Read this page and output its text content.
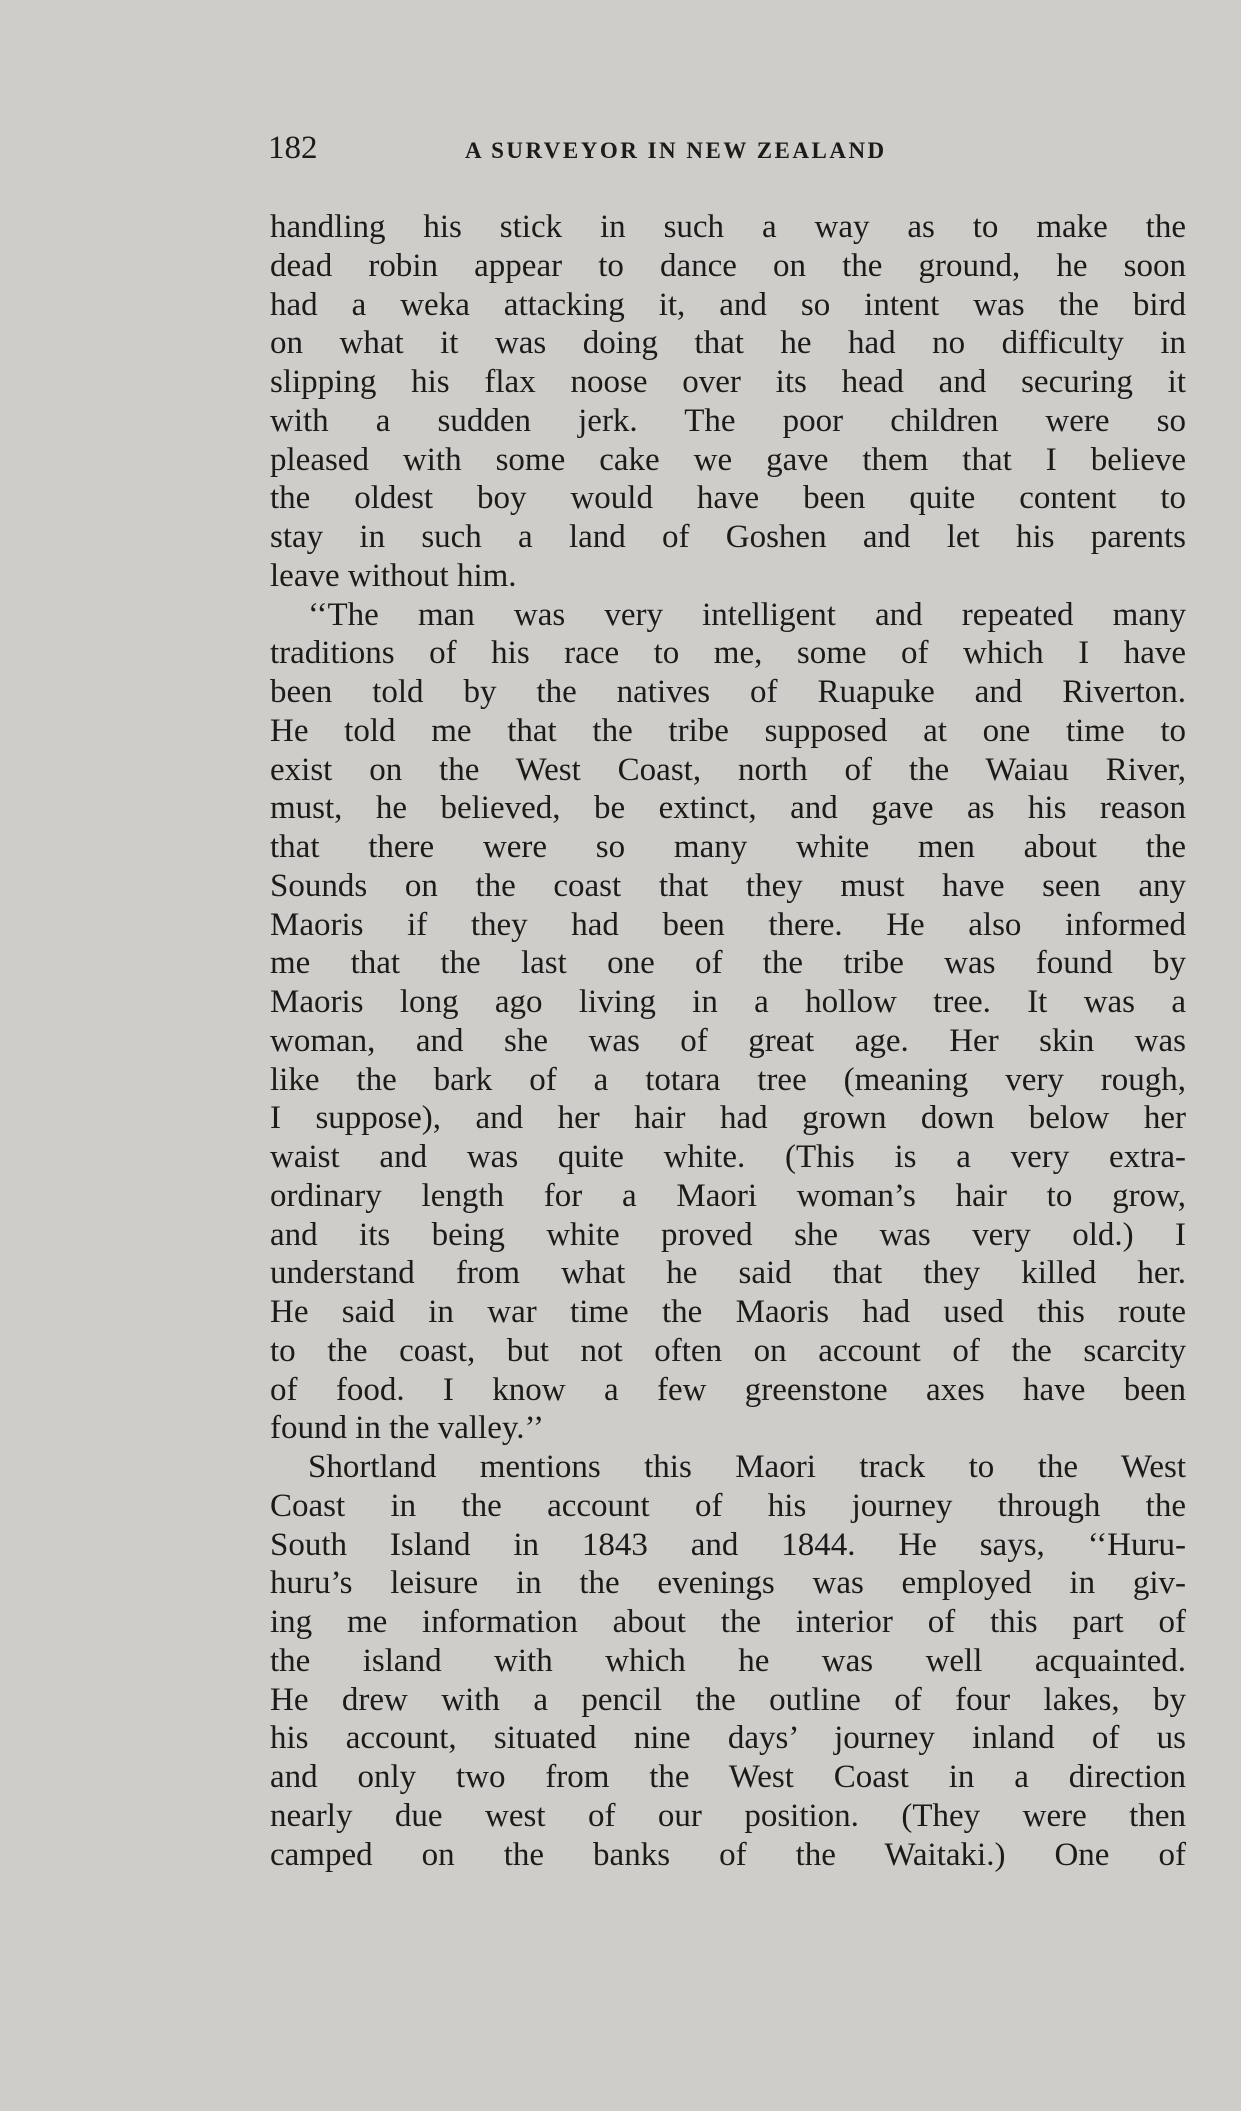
182	A SURVEYOR IN NEW ZEALAND
handling his stick in such a way as to make the
dead robin appear to dance on the ground, he soon
had a weka attacking it, and so intent was the bird
on what it was doing that he had no difficulty in
slipping his flax noose over its head and securing it
with a sudden jerk. The poor children were so
pleased with some cake we gave them that I believe
the oldest boy would have been quite content to
stay in such a land of Goshen and let his parents
leave without him.
‘‘The man was very intelligent and repeated many
traditions of his race to me, some of which I have
been told by the natives of Ruapuke and Riverton.
He told me that the tribe supposed at one time to
exist on the West Coast, north of the Waiau River,
must, he believed, be extinct, and gave as his reason
that there were so many white men about the
Sounds on the coast that they must have seen any
Maoris if they had been there. He also informed
me that the last one of the tribe was found by
Maoris long ago living in a hollow tree. It was a
woman, and she was of great age. Her skin was
like the bark of a totara tree (meaning very rough,
I suppose), and her hair had grown down below her
waist and was quite white. (This is a very extra-
ordinary length for a Maori woman’s hair to grow,
and its being white proved she was very old.) I
understand from what he said that they killed her.
He said in war time the Maoris had used this route
to the coast, but not often on account of the scarcity
of food. I know a few greenstone axes have been
found in the valley.’’
Shortland mentions this Maori track to the West
Coast in the account of his journey through the
South Island in 1843 and 1844. He says, ‘‘Huru-
huru’s leisure in the evenings was employed in giv-
ing me information about the interior of this part of
the island with which he was well acquainted.
He drew with a pencil the outline of four lakes, by
his account, situated nine days’ journey inland of us
and only two from the West Coast in a direction
nearly due west of our position. (They were then
camped on the banks of the Waitaki.) One of
